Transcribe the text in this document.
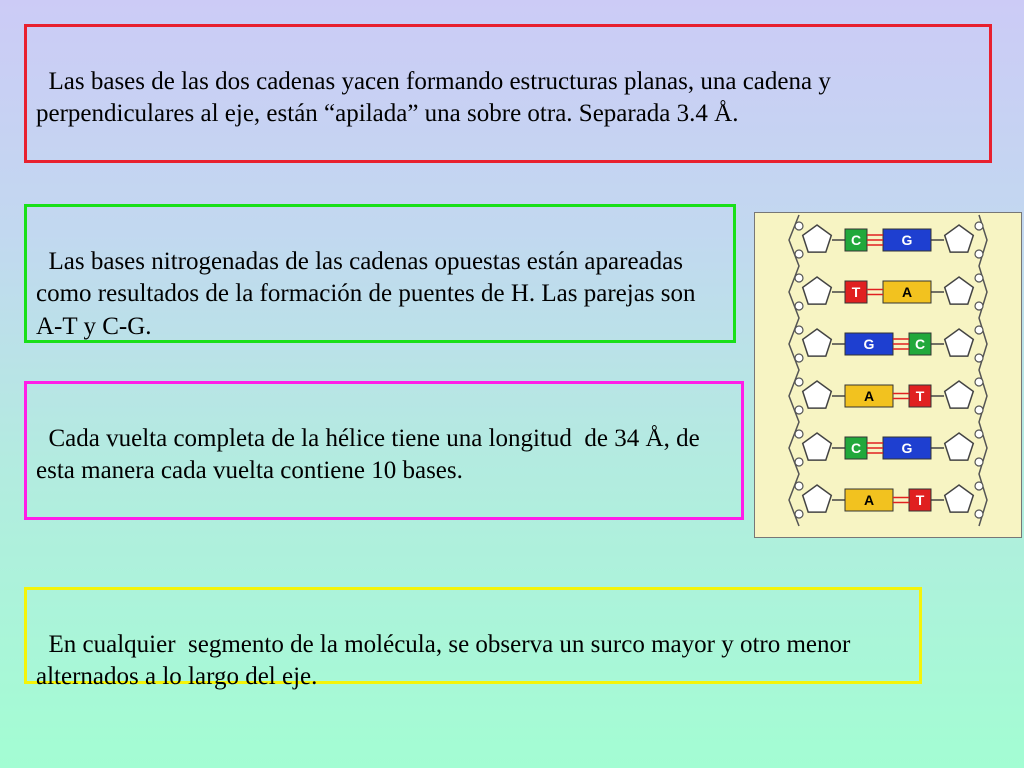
Las bases de las dos cadenas yacen formando estructuras planas, una cadena y perpendiculares al eje, están “apilada” una sobre otra. Separada 3.4 Å.

Las bases nitrogenadas de las cadenas opuestas están apareadas como resultados de la formación de puentes de H. Las parejas son   A-T y C-G.

Cada vuelta completa de la hélice tiene una longitud  de 34 Å, de esta manera cada vuelta contiene 10 bases.

En cualquier  segmento de la molécula, se observa un surco mayor y otro menor alternados a lo largo del eje.

C	G
T	A
G	C
A	T
C	G
A	T
